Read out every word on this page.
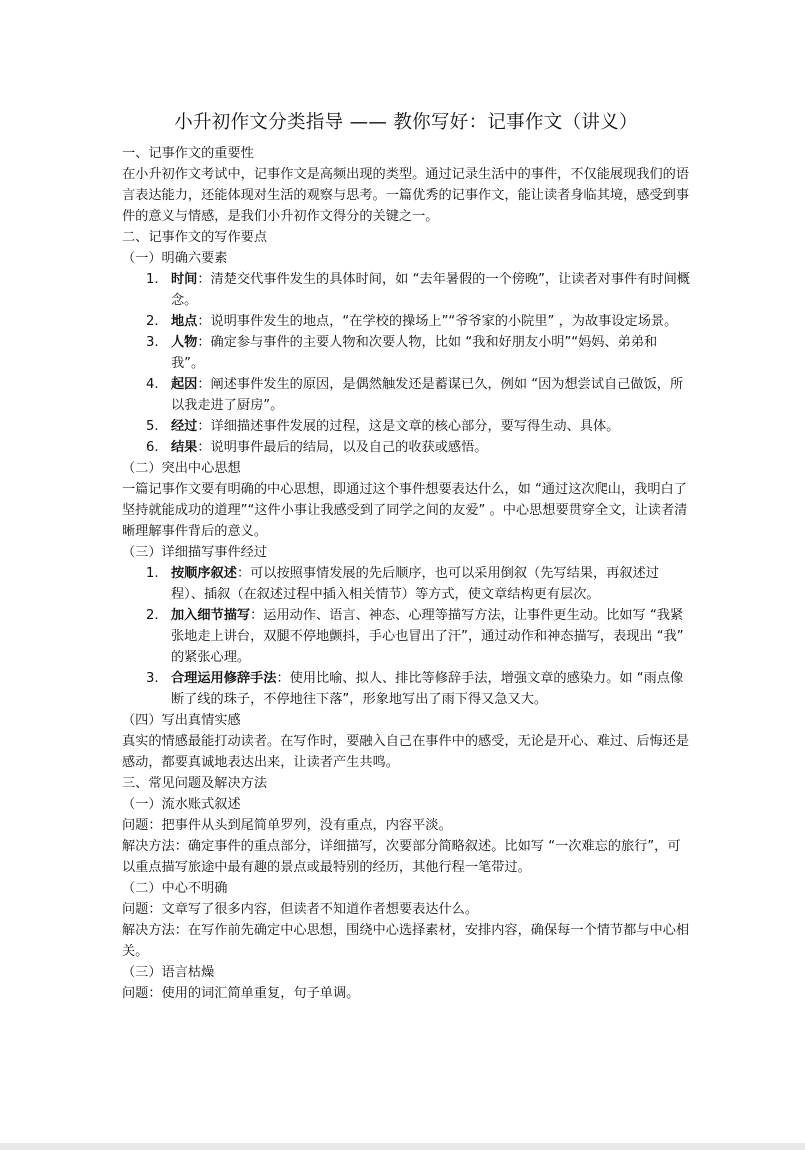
小升初作文分类指导 —— 教你写好：记事作文（讲义）
一、记事作文的重要性
在小升初作文考试中，记事作文是高频出现的类型。通过记录生活中的事件，不仅能展现我们的语言表达能力，还能体现对生活的观察与思考。一篇优秀的记事作文，能让读者身临其境，感受到事件的意义与情感，是我们小升初作文得分的关键之一。
二、记事作文的写作要点
（一）明确六要素
1. 时间：清楚交代事件发生的具体时间，如 “去年暑假的一个傍晚”，让读者对事件有时间概念。
2. 地点：说明事件发生的地点，“在学校的操场上”“爷爷家的小院里” ，为故事设定场景。
3. 人物：确定参与事件的主要人物和次要人物，比如 “我和好朋友小明”“妈妈、弟弟和我”。
4. 起因：阐述事件发生的原因，是偶然触发还是蓄谋已久，例如 “因为想尝试自己做饭，所以我走进了厨房”。
5. 经过：详细描述事件发展的过程，这是文章的核心部分，要写得生动、具体。
6. 结果：说明事件最后的结局，以及自己的收获或感悟。
（二）突出中心思想
一篇记事作文要有明确的中心思想，即通过这个事件想要表达什么，如 “通过这次爬山，我明白了坚持就能成功的道理”“这件小事让我感受到了同学之间的友爱” 。中心思想要贯穿全文，让读者清晰理解事件背后的意义。
（三）详细描写事件经过
1. 按顺序叙述：可以按照事情发展的先后顺序，也可以采用倒叙（先写结果，再叙述过程）、插叙（在叙述过程中插入相关情节）等方式，使文章结构更有层次。
2. 加入细节描写：运用动作、语言、神态、心理等描写方法，让事件更生动。比如写 “我紧张地走上讲台，双腿不停地颤抖，手心也冒出了汗”，通过动作和神态描写，表现出 “我” 的紧张心理。
3. 合理运用修辞手法：使用比喻、拟人、排比等修辞手法，增强文章的感染力。如 “雨点像断了线的珠子，不停地往下落”，形象地写出了雨下得又急又大。
（四）写出真情实感
真实的情感最能打动读者。在写作时，要融入自己在事件中的感受，无论是开心、难过、后悔还是感动，都要真诚地表达出来，让读者产生共鸣。
三、常见问题及解决方法
（一）流水账式叙述
问题：把事件从头到尾简单罗列，没有重点，内容平淡。
解决方法：确定事件的重点部分，详细描写，次要部分简略叙述。比如写 “一次难忘的旅行”，可以重点描写旅途中最有趣的景点或最特别的经历，其他行程一笔带过。
（二）中心不明确
问题：文章写了很多内容，但读者不知道作者想要表达什么。
解决方法：在写作前先确定中心思想，围绕中心选择素材，安排内容，确保每一个情节都与中心相关。
（三）语言枯燥
问题：使用的词汇简单重复，句子单调。
